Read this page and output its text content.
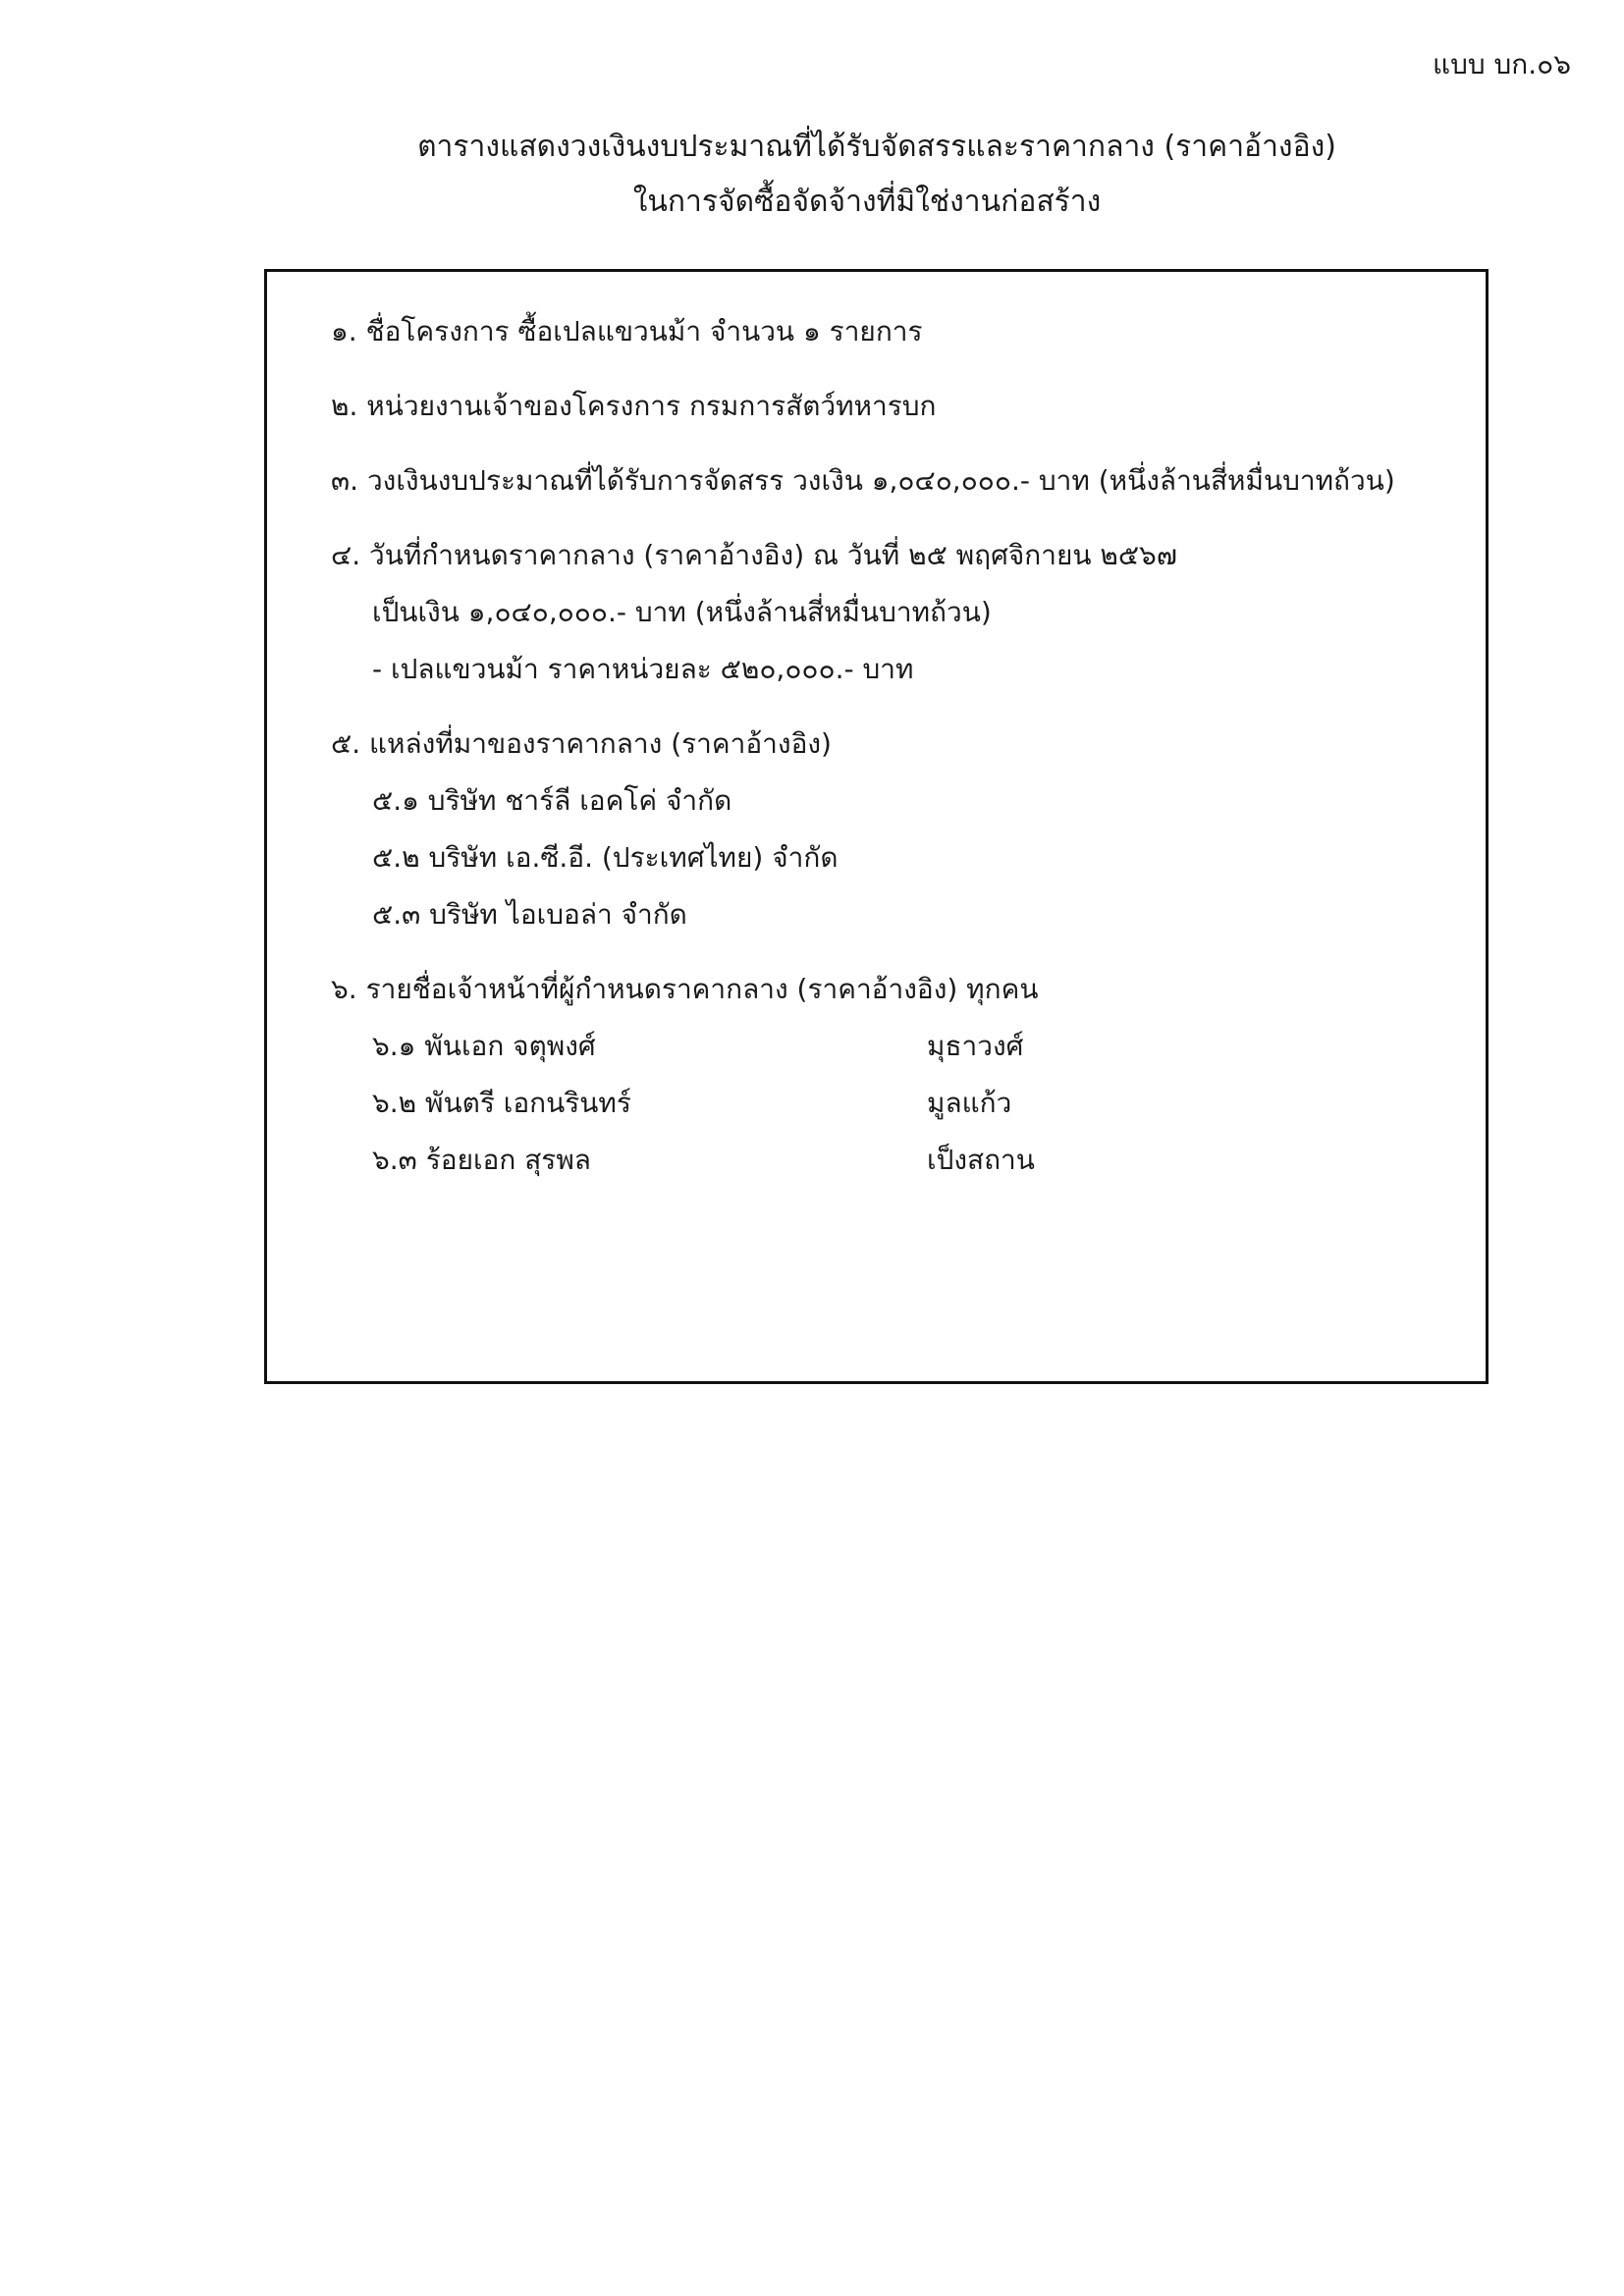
แบบ บก.๐๖
ตารางแสดงวงเงินงบประมาณที่ได้รับจัดสรรและราคากลาง (ราคาอ้างอิง)
ในการจัดซื้อจัดจ้างที่มิใช่งานก่อสร้าง
๑. ชื่อโครงการ ซื้อเปลแขวนม้า จำนวน ๑ รายการ
๒. หน่วยงานเจ้าของโครงการ กรมการสัตว์ทหารบก
๓. วงเงินงบประมาณที่ได้รับการจัดสรร วงเงิน ๑,๐๔๐,๐๐๐.- บาท (หนึ่งล้านสี่หมื่นบาทถ้วน)
๔. วันที่กำหนดราคากลาง (ราคาอ้างอิง) ณ วันที่ ๒๕ พฤศจิกายน ๒๕๖๗
เป็นเงิน ๑,๐๔๐,๐๐๐.- บาท (หนึ่งล้านสี่หมื่นบาทถ้วน)
- เปลแขวนม้า ราคาหน่วยละ ๕๒๐,๐๐๐.- บาท
๕. แหล่งที่มาของราคากลาง (ราคาอ้างอิง)
๕.๑ บริษัท ชาร์ลี เอคโค่ จำกัด
๕.๒ บริษัท เอ.ซี.อี. (ประเทศไทย) จำกัด
๕.๓ บริษัท ไอเบอล่า จำกัด
๖. รายชื่อเจ้าหน้าที่ผู้กำหนดราคากลาง (ราคาอ้างอิง) ทุกคน
๖.๑ พันเอก จตุพงศ์	มุธาวงศ์
๖.๒ พันตรี เอกนรินทร์	มูลแก้ว
๖.๓ ร้อยเอก สุรพล	เป็งสถาน
